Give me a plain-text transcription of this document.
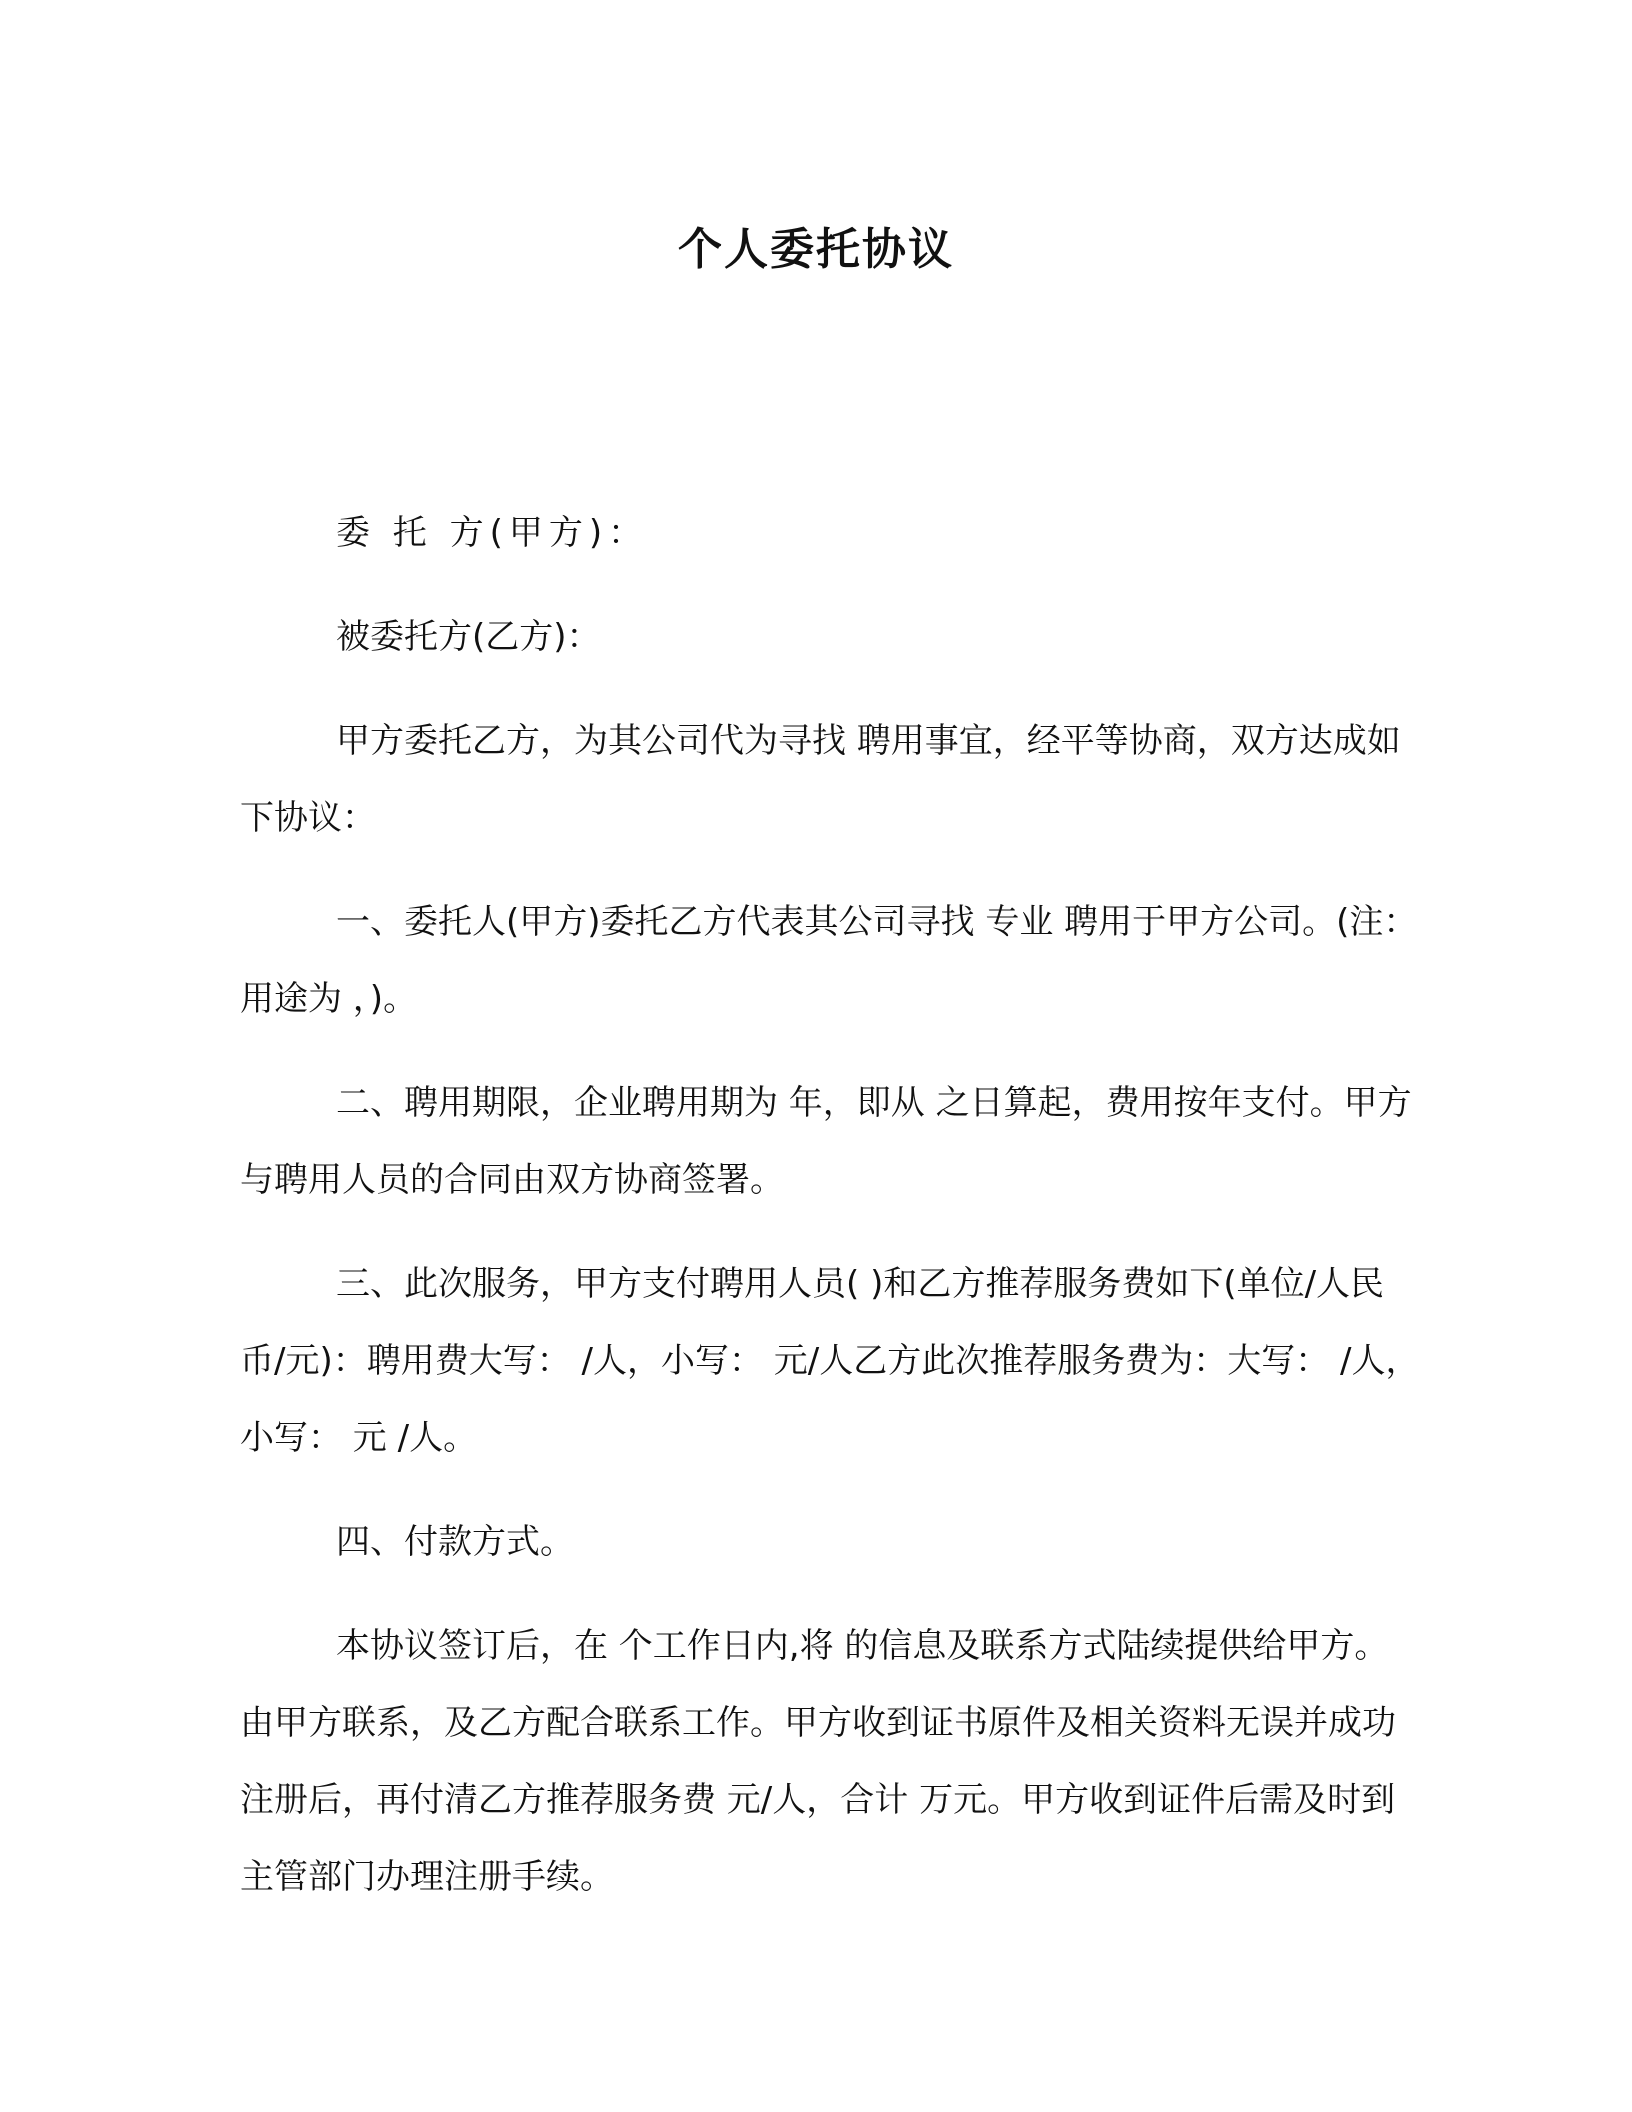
个人委托协议

委 托 方(甲方)：

被委托方(乙方)：

甲方委托乙方，为其公司代为寻找 聘用事宜，经平等协商，双方达成如下协议：

一、委托人(甲方)委托乙方代表其公司寻找 专业 聘用于甲方公司。(注：用途为 ，)。

二、聘用期限，企业聘用期为 年，即从 之日算起，费用按年支付。甲方与聘用人员的合同由双方协商签署。

三、此次服务，甲方支付聘用人员( )和乙方推荐服务费如下(单位/人民币/元)：聘用费大写： /人，小写： 元/人乙方此次推荐服务费为：大写： /人，小写： 元 /人。

四、付款方式。

本协议签订后，在 个工作日内,将 的信息及联系方式陆续提供给甲方。由甲方联系，及乙方配合联系工作。甲方收到证书原件及相关资料无误并成功注册后，再付清乙方推荐服务费 元/人，合计 万元。甲方收到证件后需及时到主管部门办理注册手续。
